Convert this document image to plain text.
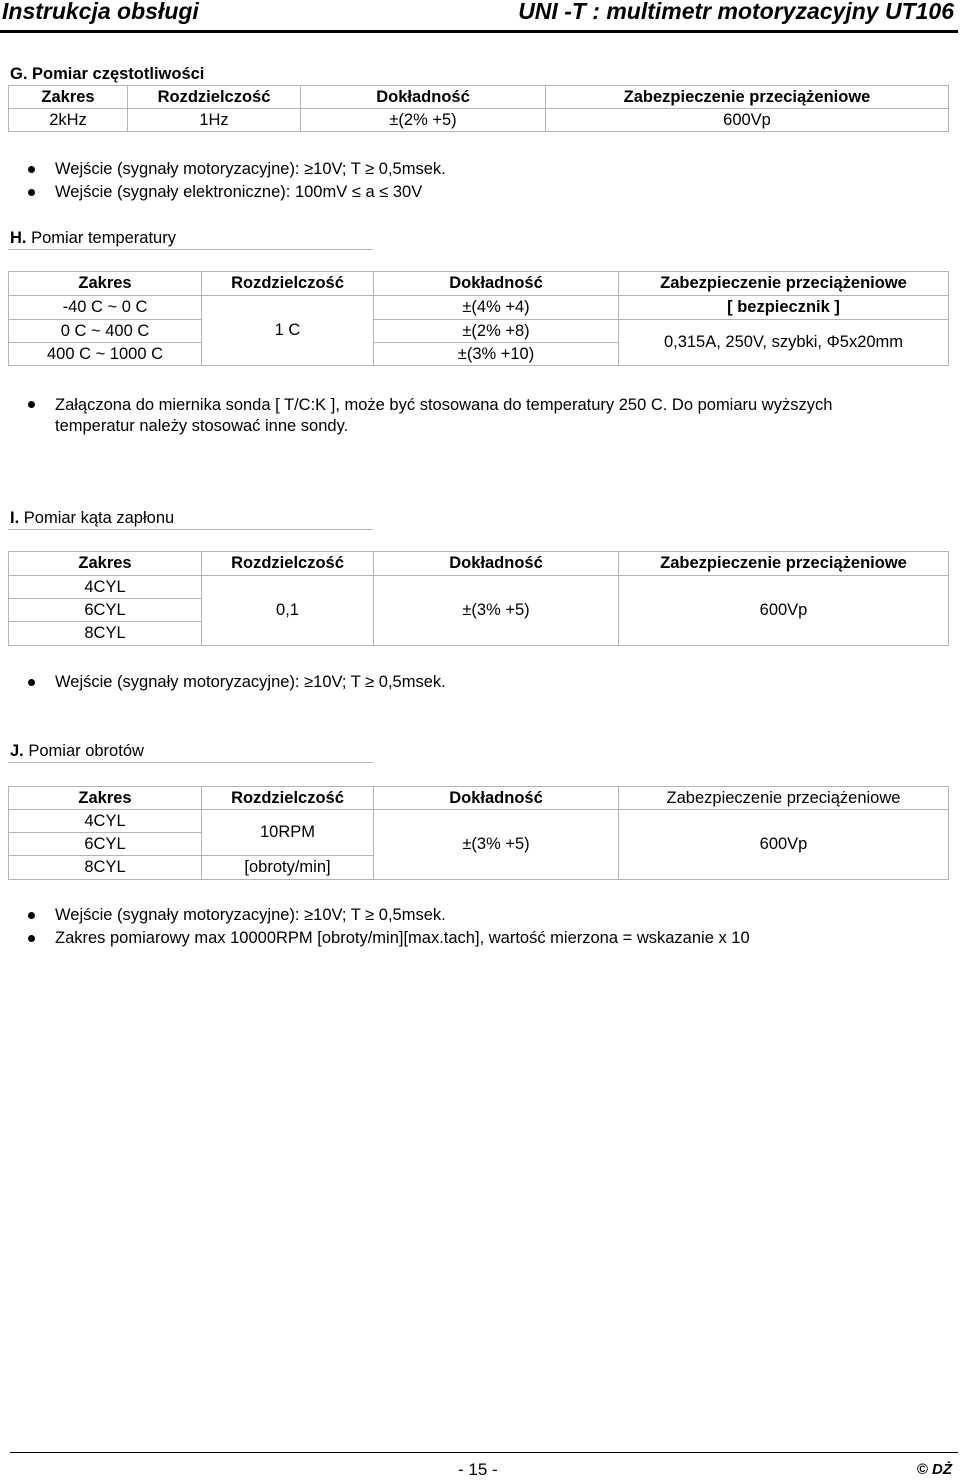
Instrukcja obsługi	UNI -T : multimetr motoryzacyjny UT106
G. Pomiar częstotliwości
Zakres	Rozdzielczość	Dokładność	Zabezpieczenie przeciążeniowe
2kHz	1Hz	±(2% +5)	600Vp
Wejście (sygnały motoryzacyjne): ≥10V; T ≥ 0,5msek.
Wejście (sygnały elektroniczne): 100mV ≤ a ≤ 30V
H. Pomiar temperatury
Zakres	Rozdzielczość	Dokładność	Zabezpieczenie przeciążeniowe
-40 C ~ 0 C	1 C	±(4% +4)	[ bezpiecznik ]
0 C ~ 400 C		±(2% +8)	0,315A, 250V, szybki, Φ5x20mm
400 C ~ 1000 C		±(3% +10)	
Załączona do miernika sonda [ T/C:K ], może być stosowana do temperatury 250 C. Do pomiaru wyższych
temperatur należy stosować inne sondy.
I. Pomiar kąta zapłonu
Zakres	Rozdzielczość	Dokładność	Zabezpieczenie przeciążeniowe
4CYL	0,1	±(3% +5)	600Vp
6CYL			
8CYL			
Wejście (sygnały motoryzacyjne): ≥10V; T ≥ 0,5msek.
J. Pomiar obrotów
Zakres	Rozdzielczość	Dokładność	Zabezpieczenie przeciążeniowe
4CYL	10RPM	±(3% +5)	600Vp
6CYL			
8CYL	[obroty/min]		
Wejście (sygnały motoryzacyjne): ≥10V; T ≥ 0,5msek.
Zakres pomiarowy max 10000RPM [obroty/min][max.tach], wartość mierzona = wskazanie x 10
- 15 -	© DŻ
